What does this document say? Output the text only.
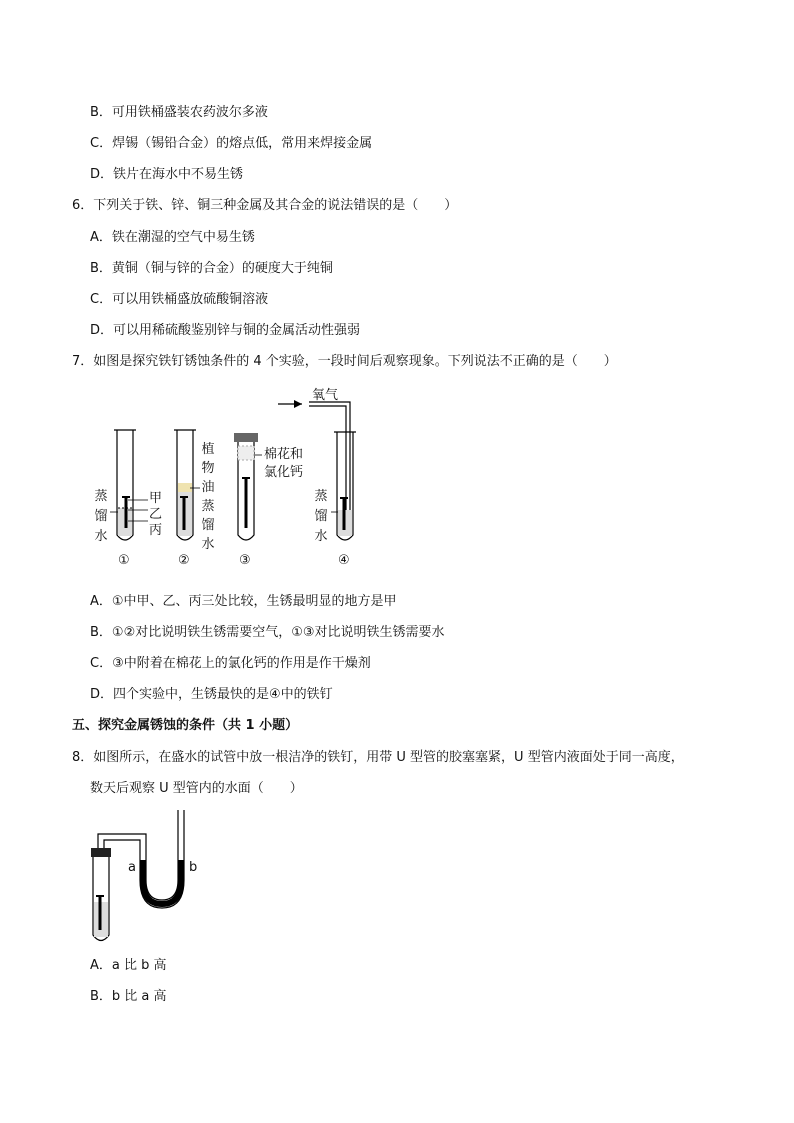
B．可用铁桶盛装农药波尔多液
C．焊锡（锡铅合金）的熔点低，常用来焊接金属
D．铁片在海水中不易生锈
6．下列关于铁、锌、铜三种金属及其合金的说法错误的是（　　）
A．铁在潮湿的空气中易生锈
B．黄铜（铜与锌的合金）的硬度大于纯铜
C．可以用铁桶盛放硫酸铜溶液
D．可以用稀硫酸鉴别锌与铜的金属活动性强弱
7．如图是探究铁钉锈蚀条件的 4 个实验，一段时间后观察现象。下列说法不正确的是（　　）
氧气
蒸
馏
水
甲
乙
丙
植
物
油
蒸
馏
水
棉花和
氯化钙
蒸
馏
水
①	②	③	④
A．①中甲、乙、丙三处比较，生锈最明显的地方是甲
B．①②对比说明铁生锈需要空气，①③对比说明铁生锈需要水
C．③中附着在棉花上的氯化钙的作用是作干燥剂
D．四个实验中，生锈最快的是④中的铁钉
五、探究金属锈蚀的条件（共 1 小题）
8．如图所示，在盛水的试管中放一根洁净的铁钉，用带 U 型管的胶塞塞紧，U 型管内液面处于同一高度，
数天后观察 U 型管内的水面（　　）
a	b
A．a 比 b 高
B．b 比 a 高
